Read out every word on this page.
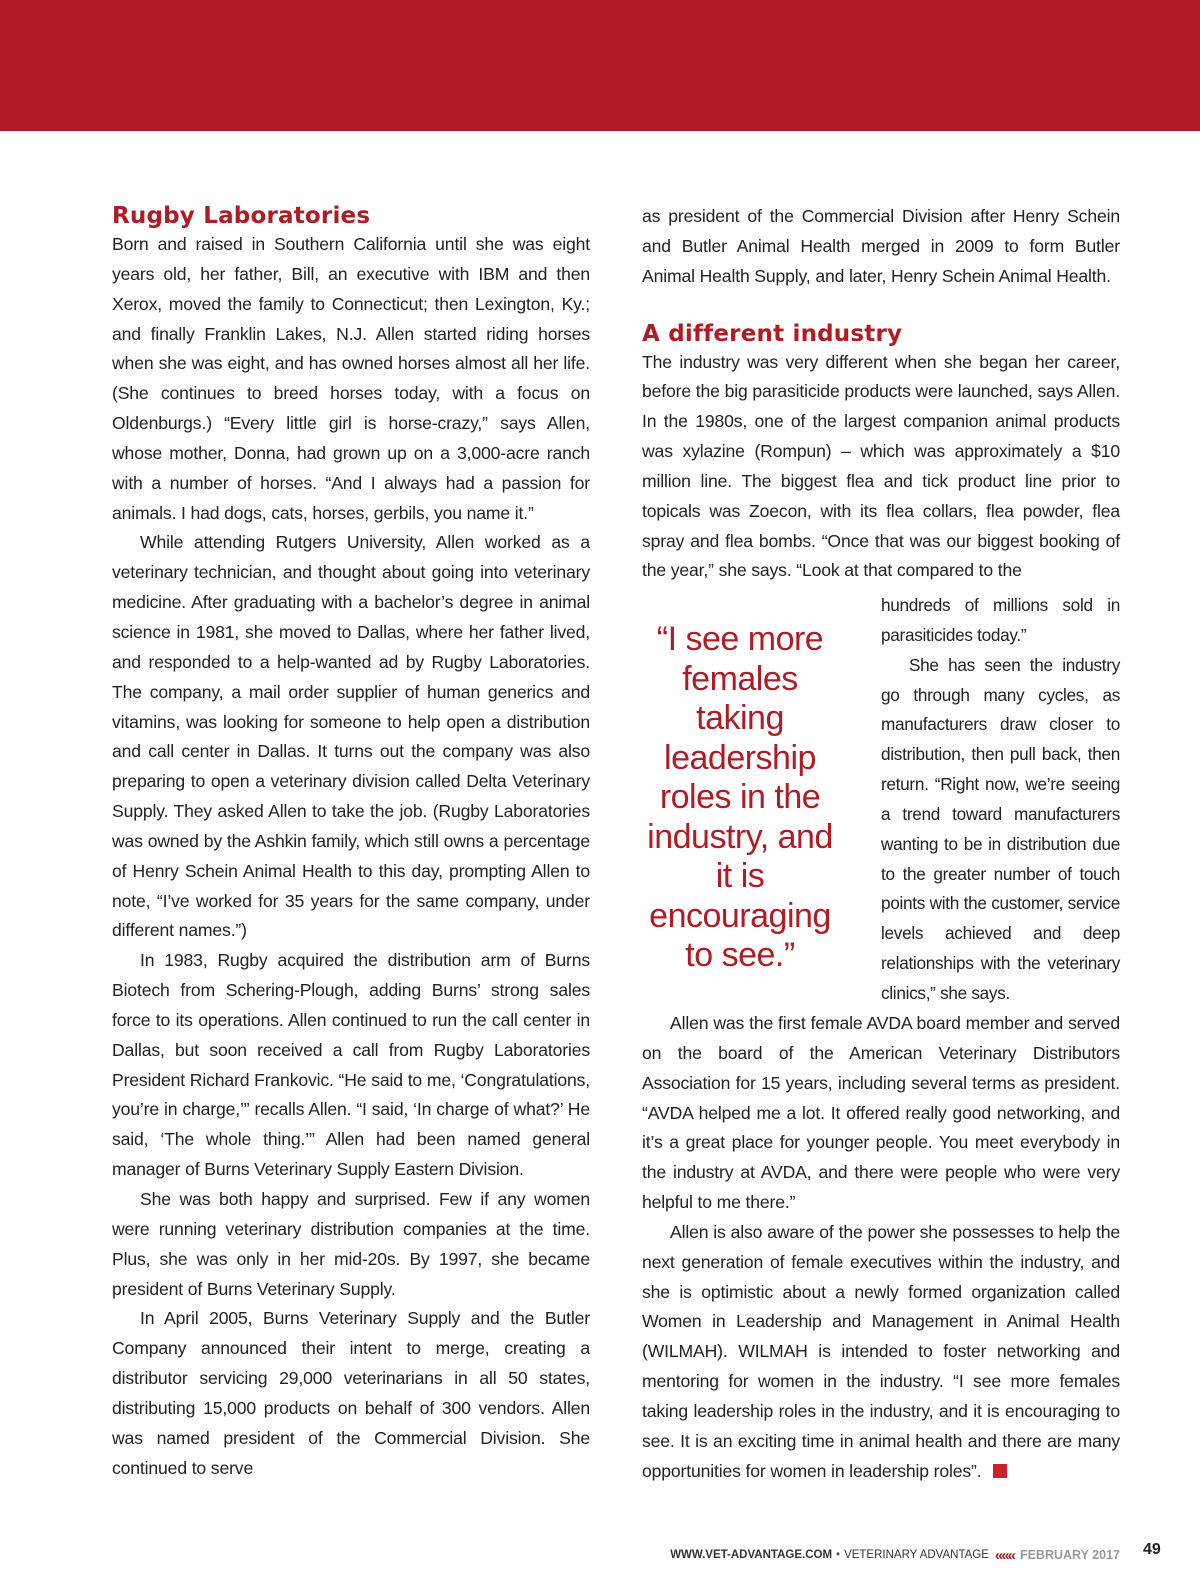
Rugby Laboratories

Born and raised in Southern California until she was eight years old, her father, Bill, an executive with IBM and then Xerox, moved the family to Connecticut; then Lexington, Ky.; and finally Franklin Lakes, N.J. Allen started riding horses when she was eight, and has owned horses almost all her life. (She continues to breed horses today, with a focus on Oldenburgs.) “Every little girl is horse-crazy,” says Allen, whose mother, Donna, had grown up on a 3,000-acre ranch with a number of horses. “And I always had a passion for animals. I had dogs, cats, horses, gerbils, you name it.”

While attending Rutgers University, Allen worked as a veterinary technician, and thought about going into veterinary medicine. After graduating with a bachelor’s degree in animal science in 1981, she moved to Dallas, where her father lived, and responded to a help-wanted ad by Rugby Laboratories. The company, a mail order supplier of human generics and vitamins, was looking for someone to help open a distribution and call center in Dallas. It turns out the company was also preparing to open a veterinary division called Delta Veterinary Supply. They asked Allen to take the job. (Rugby Laboratories was owned by the Ashkin family, which still owns a percentage of Henry Schein Animal Health to this day, prompting Allen to note, “I’ve worked for 35 years for the same company, under different names.”)

In 1983, Rugby acquired the distribution arm of Burns Biotech from Schering-Plough, adding Burns’ strong sales force to its operations. Allen continued to run the call center in Dallas, but soon received a call from Rugby Laboratories President Richard Frankovic. “He said to me, ‘Congratulations, you’re in charge,’” recalls Allen. “I said, ‘In charge of what?’ He said, ‘The whole thing.’” Allen had been named general manager of Burns Veterinary Supply Eastern Division.

She was both happy and surprised. Few if any women were running veterinary distribution companies at the time. Plus, she was only in her mid-20s. By 1997, she became president of Burns Veterinary Supply.

In April 2005, Burns Veterinary Supply and the Butler Company announced their intent to merge, creating a distributor servicing 29,000 veterinarians in all 50 states, distributing 15,000 products on behalf of 300 vendors. Allen was named president of the Commercial Division. She continued to serve

as president of the Commercial Division after Henry Schein and Butler Animal Health merged in 2009 to form Butler Animal Health Supply, and later, Henry Schein Animal Health.

A different industry

The industry was very different when she began her career, before the big parasiticide products were launched, says Allen. In the 1980s, one of the largest companion animal products was xylazine (Rompun) – which was approximately a $10 million line. The biggest flea and tick product line prior to topicals was Zoecon, with its flea collars, flea powder, flea spray and flea bombs. “Once that was our biggest booking of the year,” she says. “Look at that compared to the

“I see more females taking leadership roles in the industry, and it is encouraging to see.”

hundreds of millions sold in parasiticides today.”

She has seen the industry go through many cycles, as manufacturers draw closer to distribution, then pull back, then return. “Right now, we’re seeing a trend toward manufacturers wanting to be in distribution due to the greater number of touch points with the customer, service levels achieved and deep relationships with the veterinary clinics,” she says.

Allen was the first female AVDA board member and served on the board of the American Veterinary Distributors Association for 15 years, including several terms as president. “AVDA helped me a lot. It offered really good networking, and it’s a great place for younger people. You meet everybody in the industry at AVDA, and there were people who were very helpful to me there.”

Allen is also aware of the power she possesses to help the next generation of female executives within the industry, and she is optimistic about a newly formed organization called Women in Leadership and Management in Animal Health (WILMAH). WILMAH is intended to foster networking and mentoring for women in the industry. “I see more females taking leadership roles in the industry, and it is encouraging to see. It is an exciting time in animal health and there are many opportunities for women in leadership roles”.

WWW.VET-ADVANTAGE.COM • VETERINARY ADVANTAGE ««« FEBRUARY 2017 49
